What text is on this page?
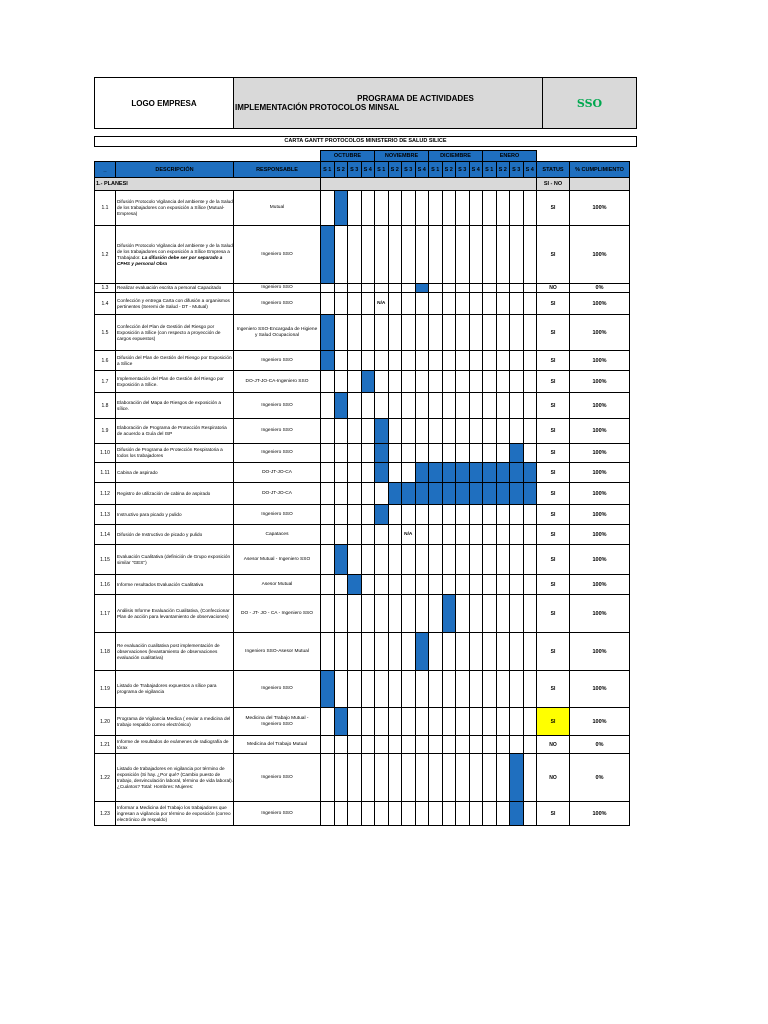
LOGO EMPRESA	PROGRAMA DE ACTIVIDADES
IMPLEMENTACIÓN PROTOCOLOS MINSAL	SSO
CARTA GANTT PROTOCOLOS MINISTERIO DE SALUD SILICE
			OCTUBRE				NOVIEMBRE				DICIEMBRE				ENERO					
_	DESCRIPCIÓN	RESPONSABLE	S 1	S 2	S 3	S 4	S 1	S 2	S 3	S 4	S 1	S 2	S 3	S 4	S 1	S 2	S 3	S 4	STATUS	% CUMPLIMIENTO
1.- PLANESI																			SI - NO	
1.1	Difusión Protocolo Vigilancia del ambiente y de la Salud de los trabajadores con exposición a Sílice (Mutual- Empresa)	Mutual																	SI	100%
1.2	Difusión Protocolo Vigilancia del ambiente y de la Salud de los trabajadores con exposición a Sílice Empresa a Trabajador. La difusión debe ser por separado a CPHS y personal Obra	Ingeniero SSO																	SI	100%
1.3	Realizar evaluación escrita a personal Capacitado	Ingeniero SSO																	NO	0%
1.4	Confección y entrega Carta con difusión a organismos pertinentes (Seremi de Salud - DT - Mutual)	Ingeniero SSO					N/A												SI	100%
1.5	Confección del Plan de Gestión del Riesgo por Exposición a Sílice (con respecto a proyección de cargos expuestos)	Ingeniero SSO-Encargada de Higiene y Salud Ocupacional																	SI	100%
1.6	Difusión del Plan de Gestión del Riesgo por Exposición a Sílice	Ingeniero SSO																	SI	100%
1.7	Implementación del Plan de Gestión del Riesgo por Exposición a Sílice.	DO-JT-JO-CA-Ingeniero SSO																	SI	100%
1.8	Elaboración del Mapa de Riesgos de exposición a sílice.	Ingeniero SSO																	SI	100%
1.9	Elaboración de Programa de Protección Respiratoria de acuerdo a Guía del ISP	Ingeniero SSO																	SI	100%
1.10	Difusión de Programa de Protección Respiratoria a todos los trabajadores	Ingeniero SSO																	SI	100%
1.11	Cabina de aspirado	DO-JT-JO-CA																	SI	100%
1.12	Registro de utilización de cabina de aspirado	DO-JT-JO-CA																	SI	100%
1.13	Instructivo para picado y pulido	Ingeniero SSO																	SI	100%
1.14	Difusión de Instructivo de picado y pulido	Capataces							N/A										SI	100%
1.15	Evaluación Cualitativa (definición de Grupo exposición similar "GES")	Asesor Mutual - Ingeniero SSO																	SI	100%
1.16	Informe resultados Evaluación Cualitativa	Asesor Mutual																	SI	100%
1.17	Análisis Informe Evaluación Cualitativa, (Confeccionar Plan de acción para levantamiento de observaciones)	DO - JT- JO - CA - Ingeniero SSO																	SI	100%
1.18	Re evaluación cualitativa post implementación de observaciones (levantamiento de observaciones evaluación cualitativa)	Ingeniero SSO-Asesor Mutual																	SI	100%
1.19	Listado de Trabajadores expuestos a sílice para programa de vigilancia	Ingeniero SSO																	SI	100%
1.20	Programa de Vigilancia Medica ( enviar a medicina del trabajo respaldo correo electrónico)	Medicina del Trabajo Mutual - Ingeniero SSO																	SI	100%
1.21	Informe de resultados de exámenes de radiografía de tórax	Medicina del Trabajo Mutual																	NO	0%
1.22	Listado de trabajadores en vigilancia por término de exposición (Si hay. ¿Por qué? (Cambio puesto de trabajo, desvinculación laboral, término de vida laboral). ¿Cuántos? Total: Hombres: Mujeres:	Ingeniero SSO																	NO	0%
1.23	Informar a Medicina del Trabajo los trabajadores que ingresan a vigilancia por término de exposición (correo electrónico de respaldo)	Ingeniero SSO																	SI	100%
